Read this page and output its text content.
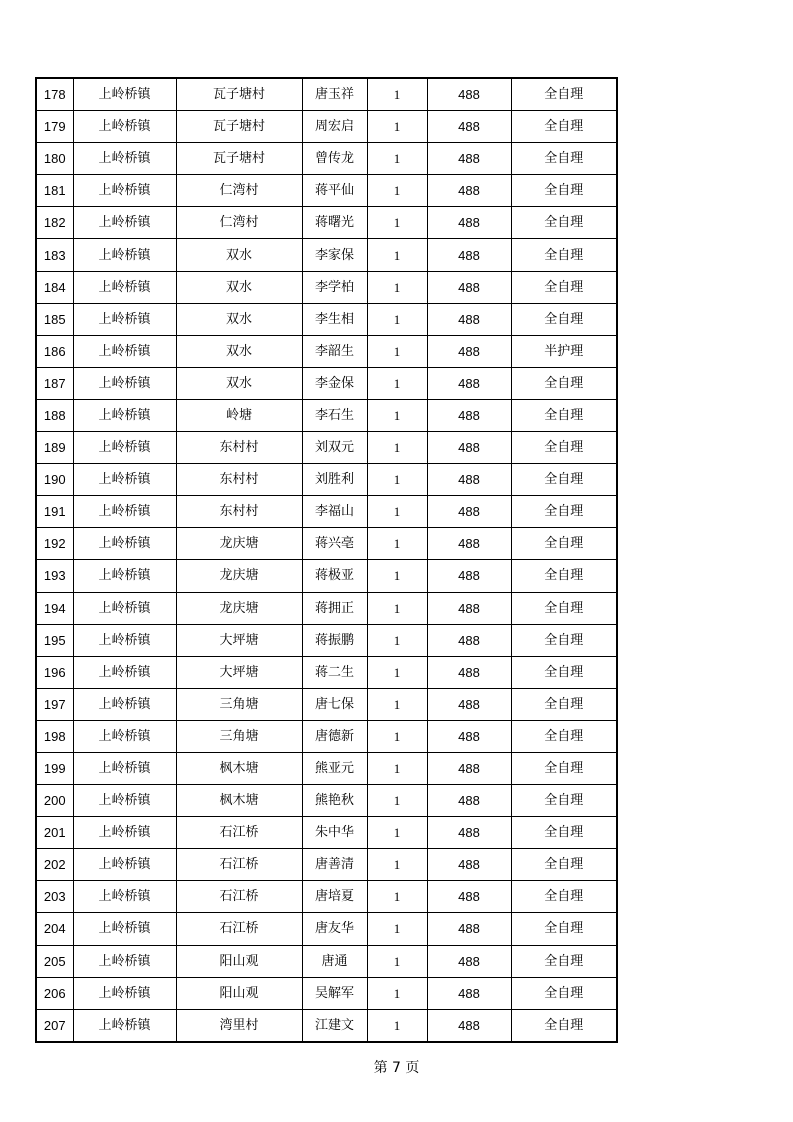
178	上岭桥镇	瓦子塘村	唐玉祥	1	488	全自理
179	上岭桥镇	瓦子塘村	周宏启	1	488	全自理
180	上岭桥镇	瓦子塘村	曾传龙	1	488	全自理
181	上岭桥镇	仁湾村	蒋平仙	1	488	全自理
182	上岭桥镇	仁湾村	蒋曙光	1	488	全自理
183	上岭桥镇	双水	李家保	1	488	全自理
184	上岭桥镇	双水	李学柏	1	488	全自理
185	上岭桥镇	双水	李生相	1	488	全自理
186	上岭桥镇	双水	李韶生	1	488	半护理
187	上岭桥镇	双水	李金保	1	488	全自理
188	上岭桥镇	岭塘	李石生	1	488	全自理
189	上岭桥镇	东村村	刘双元	1	488	全自理
190	上岭桥镇	东村村	刘胜利	1	488	全自理
191	上岭桥镇	东村村	李福山	1	488	全自理
192	上岭桥镇	龙庆塘	蒋兴亳	1	488	全自理
193	上岭桥镇	龙庆塘	蒋极亚	1	488	全自理
194	上岭桥镇	龙庆塘	蒋拥正	1	488	全自理
195	上岭桥镇	大坪塘	蒋振鹏	1	488	全自理
196	上岭桥镇	大坪塘	蒋二生	1	488	全自理
197	上岭桥镇	三角塘	唐七保	1	488	全自理
198	上岭桥镇	三角塘	唐德新	1	488	全自理
199	上岭桥镇	枫木塘	熊亚元	1	488	全自理
200	上岭桥镇	枫木塘	熊艳秋	1	488	全自理
201	上岭桥镇	石江桥	朱中华	1	488	全自理
202	上岭桥镇	石江桥	唐善清	1	488	全自理
203	上岭桥镇	石江桥	唐培夏	1	488	全自理
204	上岭桥镇	石江桥	唐友华	1	488	全自理
205	上岭桥镇	阳山观	唐通	1	488	全自理
206	上岭桥镇	阳山观	吴解军	1	488	全自理
207	上岭桥镇	湾里村	江建文	1	488	全自理
第 7 页
